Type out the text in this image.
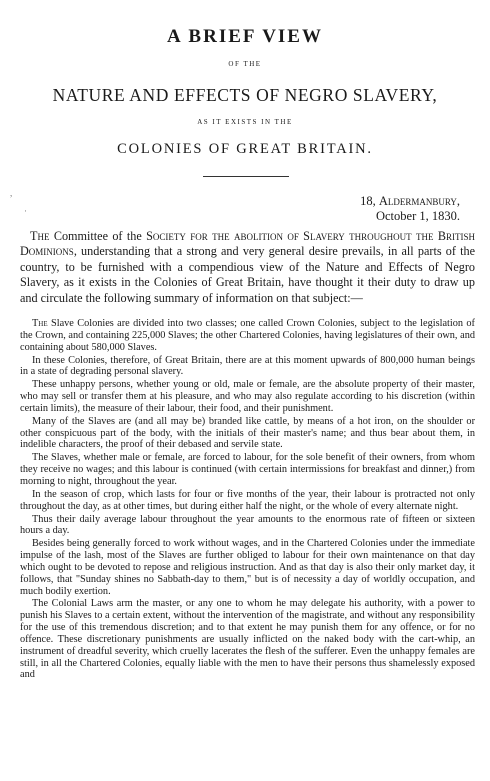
A BRIEF VIEW
OF THE
NATURE AND EFFECTS OF NEGRO SLAVERY,
AS IT EXISTS IN THE
COLONIES OF GREAT BRITAIN.
,
·
18, Aldermanbury,
October 1, 1830.

The Committee of the Society for the abolition of Slavery throughout the British Dominions, understanding that a strong and very general desire prevails, in all parts of the country, to be furnished with a compendious view of the Nature and Effects of Negro Slavery, as it exists in the Colonies of Great Britain, have thought it their duty to draw up and circulate the following summary of information on that subject:—

The Slave Colonies are divided into two classes; one called Crown Colonies, subject to the legislation of the Crown, and containing 225,000 Slaves; the other Chartered Colonies, having legislatures of their own, and containing about 580,000 Slaves.

In these Colonies, therefore, of Great Britain, there are at this moment upwards of 800,000 human beings in a state of degrading personal slavery.

These unhappy persons, whether young or old, male or female, are the absolute property of their master, who may sell or transfer them at his pleasure, and who may also regulate according to his discretion (within certain limits), the measure of their labour, their food, and their punishment.

Many of the Slaves are (and all may be) branded like cattle, by means of a hot iron, on the shoulder or other conspicuous part of the body, with the initials of their master's name; and thus bear about them, in indelible characters, the proof of their debased and servile state.

The Slaves, whether male or female, are forced to labour, for the sole benefit of their owners, from whom they receive no wages; and this labour is continued (with certain intermissions for breakfast and dinner,) from morning to night, throughout the year.

In the season of crop, which lasts for four or five months of the year, their labour is protracted not only throughout the day, as at other times, but during either half the night, or the whole of every alternate night.

Thus their daily average labour throughout the year amounts to the enormous rate of fifteen or sixteen hours a day.

Besides being generally forced to work without wages, and in the Chartered Colonies under the immediate impulse of the lash, most of the Slaves are further obliged to labour for their own maintenance on that day which ought to be devoted to repose and religious instruction. And as that day is also their only market day, it follows, that "Sunday shines no Sabbath-day to them," but is of necessity a day of worldly occupation, and much bodily exertion.

The Colonial Laws arm the master, or any one to whom he may delegate his authority, with a power to punish his Slaves to a certain extent, without the intervention of the magistrate, and without any responsibility for the use of this tremendous discretion; and to that extent he may punish them for any offence, or for no offence. These discretionary punishments are usually inflicted on the naked body with the cart-whip, an instrument of dreadful severity, which cruelly lacerates the flesh of the sufferer. Even the unhappy females are still, in all the Chartered Colonies, equally liable with the men to have their persons thus shamelessly exposed and
